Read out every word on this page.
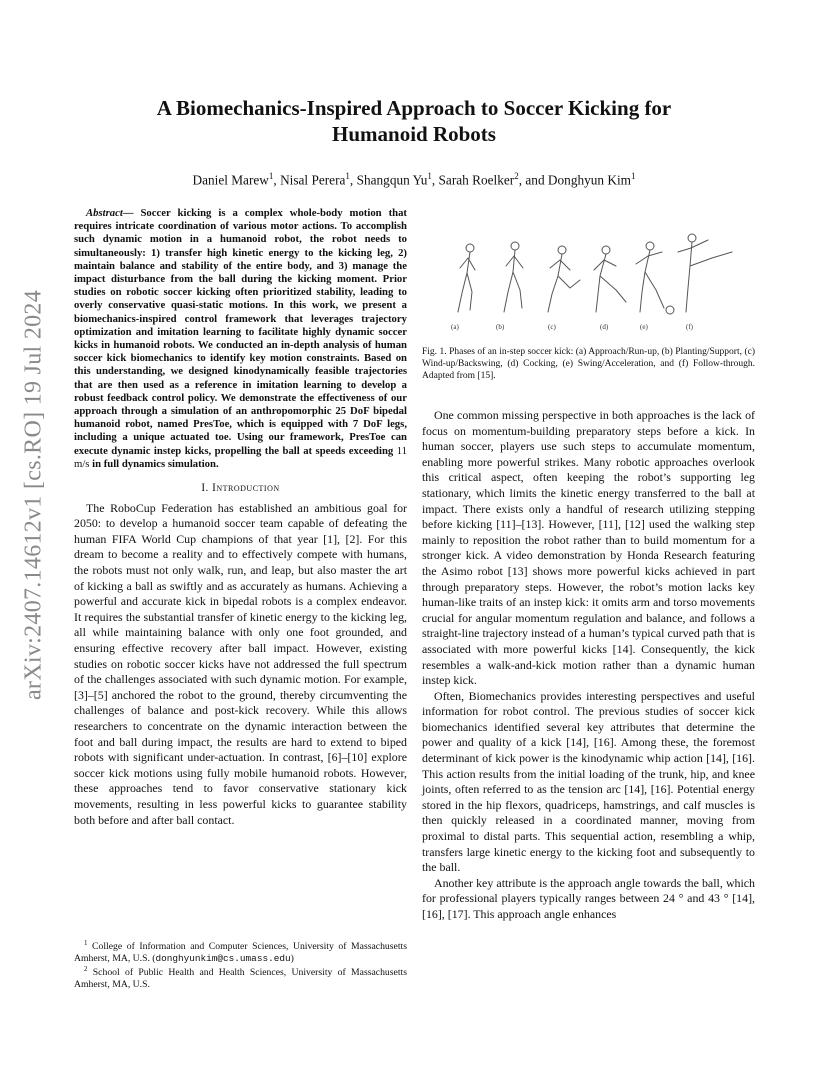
arXiv:2407.14612v1 [cs.RO] 19 Jul 2024
A Biomechanics-Inspired Approach to Soccer Kicking for Humanoid Robots
Daniel Marew$^1$, Nisal Perera$^1$, Shangqun Yu$^1$, Sarah Roelker$^2$, and Donghyun Kim$^1$
Abstract— Soccer kicking is a complex whole-body motion that requires intricate coordination of various motor actions. To accomplish such dynamic motion in a humanoid robot, the robot needs to simultaneously: 1) transfer high kinetic energy to the kicking leg, 2) maintain balance and stability of the entire body, and 3) manage the impact disturbance from the ball during the kicking moment. Prior studies on robotic soccer kicking often prioritized stability, leading to overly conservative quasi-static motions. In this work, we present a biomechanics-inspired control framework that leverages trajectory optimization and imitation learning to facilitate highly dynamic soccer kicks in humanoid robots. We conducted an in-depth analysis of human soccer kick biomechanics to identify key motion constraints. Based on this understanding, we designed kinodynamically feasible trajectories that are then used as a reference in imitation learning to develop a robust feedback control policy. We demonstrate the effectiveness of our approach through a simulation of an anthropomorphic 25 DoF bipedal humanoid robot, named PresToe, which is equipped with 7 DoF legs, including a unique actuated toe. Using our framework, PresToe can execute dynamic instep kicks, propelling the ball at speeds exceeding 11 m/s in full dynamics simulation.
I. Introduction

The RoboCup Federation has established an ambitious goal for 2050: to develop a humanoid soccer team capable of defeating the human FIFA World Cup champions of that year [1], [2]. For this dream to become a reality and to effectively compete with humans, the robots must not only walk, run, and leap, but also master the art of kicking a ball as swiftly and as accurately as humans. Achieving a powerful and accurate kick in bipedal robots is a complex endeavor. It requires the substantial transfer of kinetic energy to the kicking leg, all while maintaining balance with only one foot grounded, and ensuring effective recovery after ball impact. However, existing studies on robotic soccer kicks have not addressed the full spectrum of the challenges associated with such dynamic motion. For example, [3]–[5] anchored the robot to the ground, thereby circumventing the challenges of balance and post-kick recovery. While this allows researchers to concentrate on the dynamic interaction between the foot and ball during impact, the results are hard to extend to biped robots with significant under-actuation. In contrast, [6]–[10] explore soccer kick motions using fully mobile humanoid robots. However, these approaches tend to favor conservative stationary kick movements, resulting in less powerful kicks to guarantee stability both before and after ball contact.

$^1$ College of Information and Computer Sciences, University of Massachusetts Amherst, MA, U.S. (donghyunkim@cs.umass.edu)

$^2$ School of Public Health and Health Sciences, University of Massachusetts Amherst, MA, U.S.

(a)	(b)	(c)	(d)	(e)	(f)
Fig. 1. Phases of an in-step soccer kick: (a) Approach/Run-up, (b) Planting/Support, (c) Wind-up/Backswing, (d) Cocking, (e) Swing/Acceleration, and (f) Follow-through. Adapted from [15].

One common missing perspective in both approaches is the lack of focus on momentum-building preparatory steps before a kick. In human soccer, players use such steps to accumulate momentum, enabling more powerful strikes. Many robotic approaches overlook this critical aspect, often keeping the robot’s supporting leg stationary, which limits the kinetic energy transferred to the ball at impact. There exists only a handful of research utilizing stepping before kicking [11]–[13]. However, [11], [12] used the walking step mainly to reposition the robot rather than to build momentum for a stronger kick. A video demonstration by Honda Research featuring the Asimo robot [13] shows more powerful kicks achieved in part through preparatory steps. However, the robot’s motion lacks key human-like traits of an instep kick: it omits arm and torso movements crucial for angular momentum regulation and balance, and follows a straight-line trajectory instead of a human’s typical curved path that is associated with more powerful kicks [14]. Consequently, the kick resembles a walk-and-kick motion rather than a dynamic human instep kick.

Often, Biomechanics provides interesting perspectives and useful information for robot control. The previous studies of soccer kick biomechanics identified several key attributes that determine the power and quality of a kick [14], [16]. Among these, the foremost determinant of kick power is the kinodynamic whip action [14], [16]. This action results from the initial loading of the trunk, hip, and knee joints, often referred to as the tension arc [14], [16]. Potential energy stored in the hip flexors, quadriceps, hamstrings, and calf muscles is then quickly released in a coordinated manner, moving from proximal to distal parts. This sequential action, resembling a whip, transfers large kinetic energy to the kicking foot and subsequently to the ball.

Another key attribute is the approach angle towards the ball, which for professional players typically ranges between 24 ° and 43 ° [14], [16], [17]. This approach angle enhances
